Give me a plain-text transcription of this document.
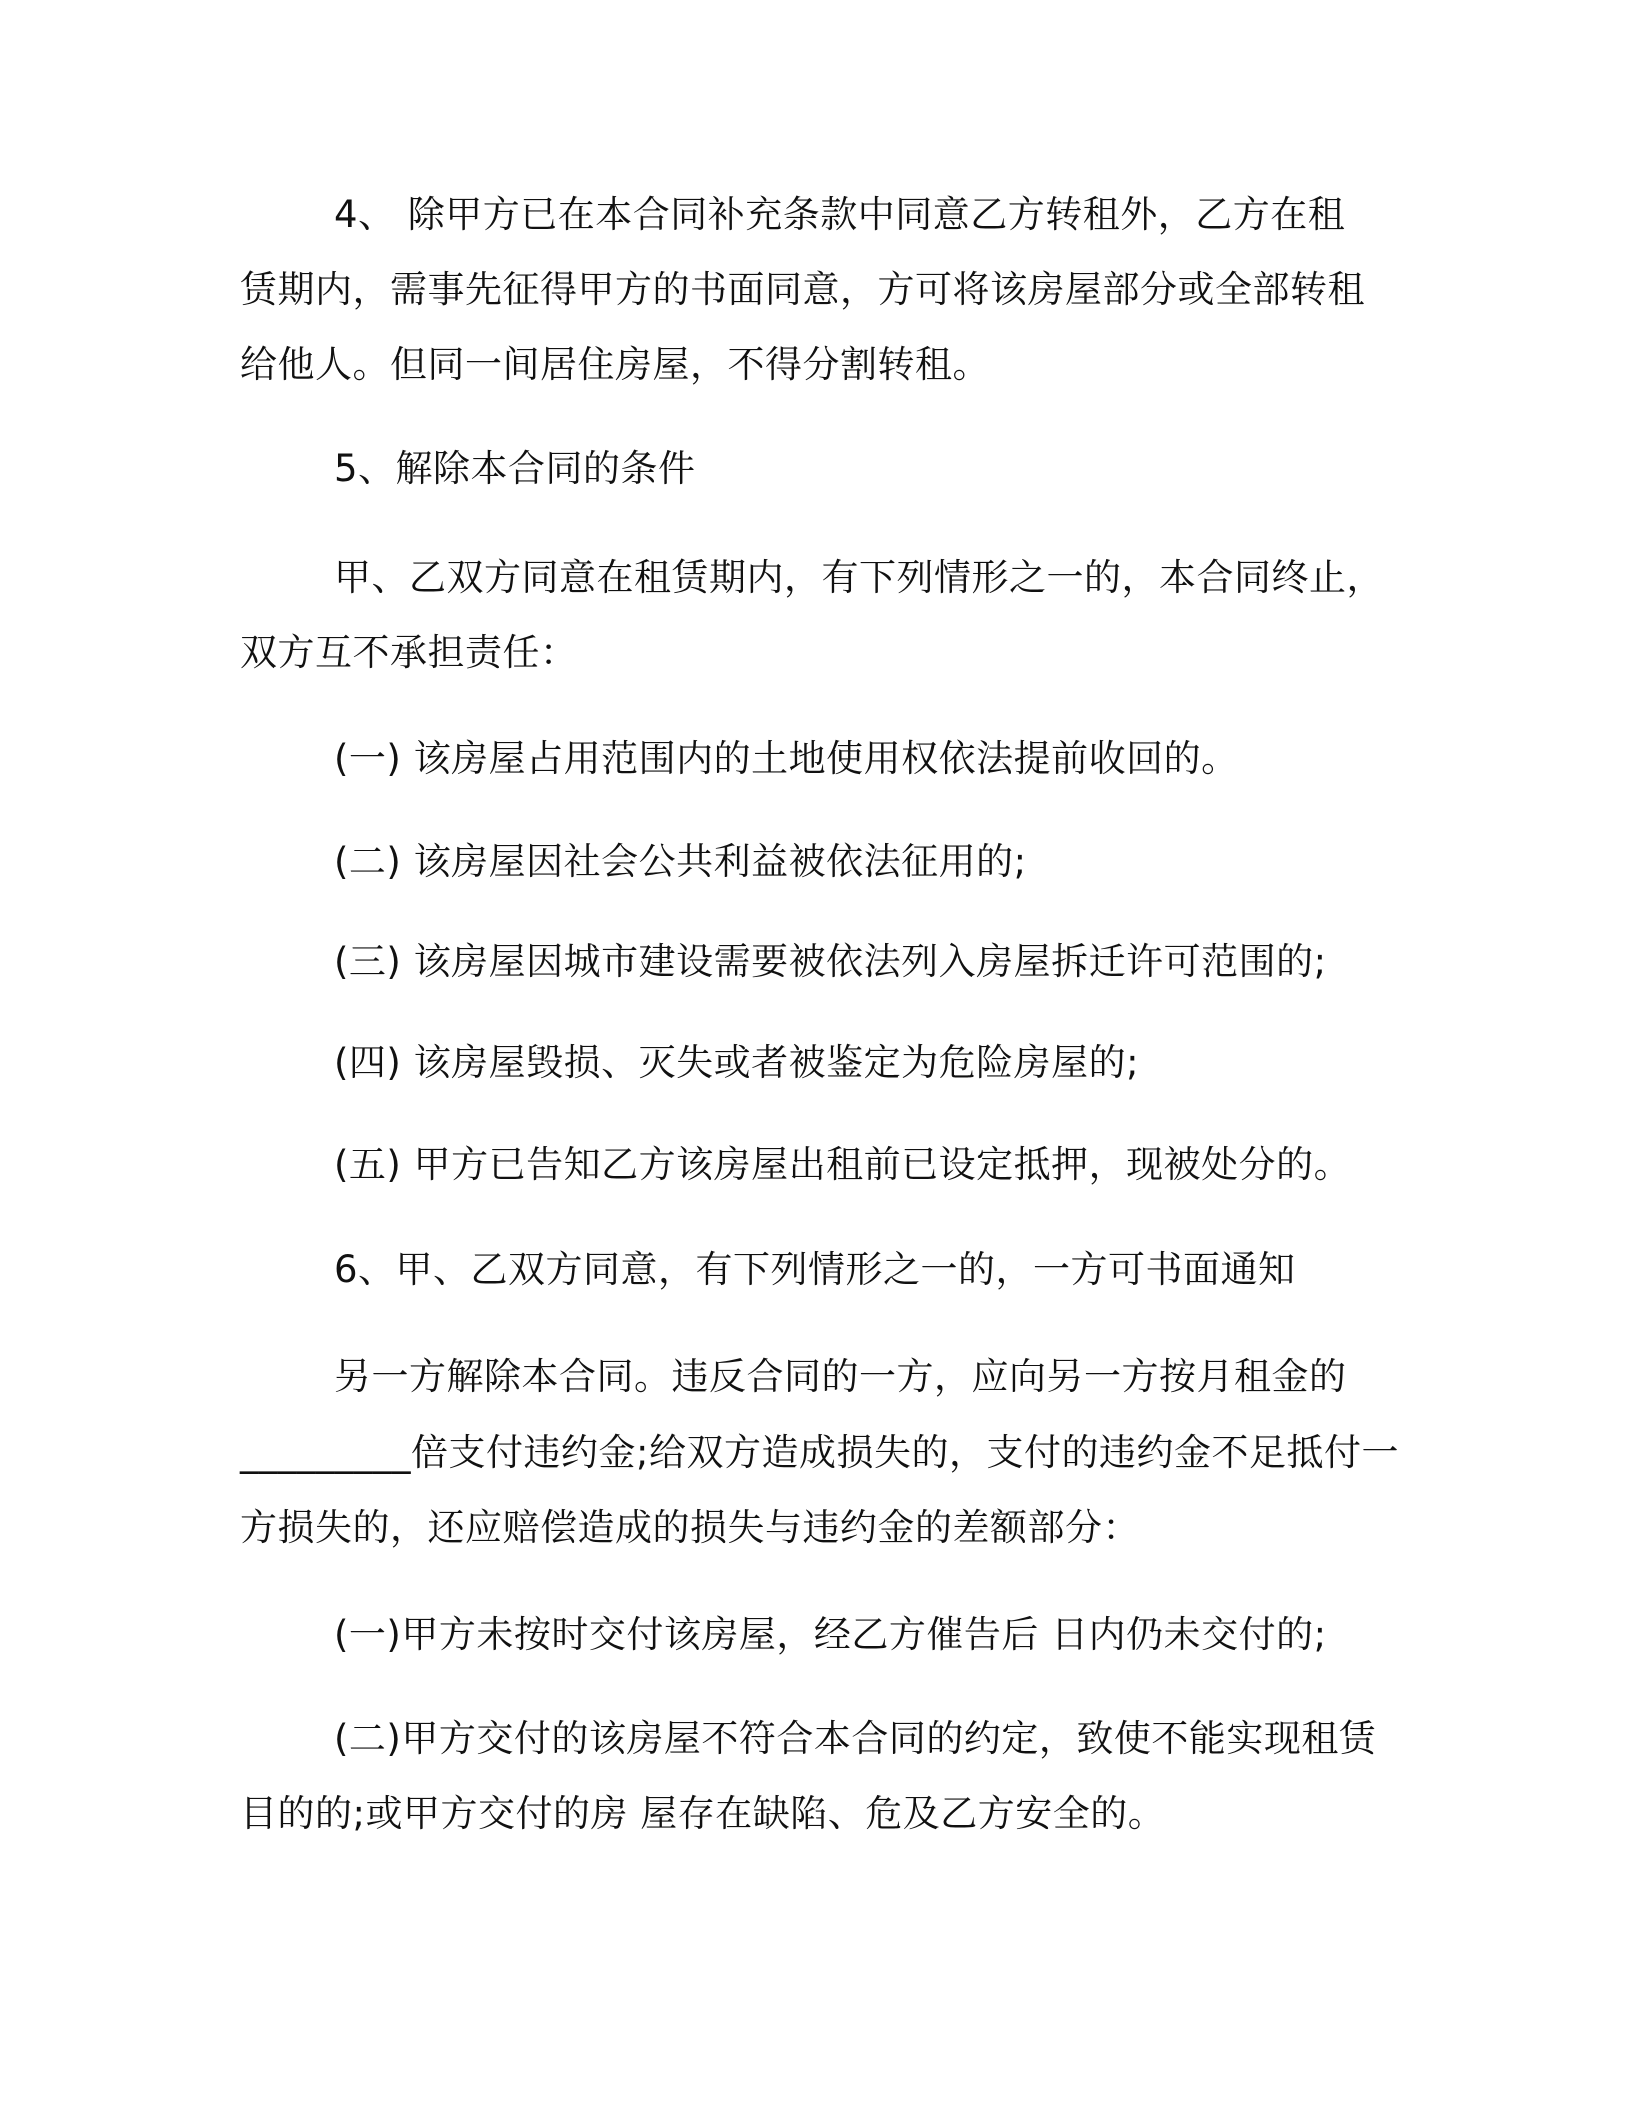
4、 除甲方已在本合同补充条款中同意乙方转租外，乙方在租
赁期内，需事先征得甲方的书面同意，方可将该房屋部分或全部转租
给他人。但同一间居住房屋，不得分割转租。
5、解除本合同的条件
甲、乙双方同意在租赁期内，有下列情形之一的，本合同终止，
双方互不承担责任：
(一) 该房屋占用范围内的土地使用权依法提前收回的。
(二) 该房屋因社会公共利益被依法征用的;
(三) 该房屋因城市建设需要被依法列入房屋拆迁许可范围的;
(四) 该房屋毁损、灭失或者被鉴定为危险房屋的;
(五) 甲方已告知乙方该房屋出租前已设定抵押，现被处分的。
6、甲、乙双方同意，有下列情形之一的，一方可书面通知
另一方解除本合同。违反合同的一方，应向另一方按月租金的
_________倍支付违约金;给双方造成损失的，支付的违约金不足抵付一
方损失的，还应赔偿造成的损失与违约金的差额部分：
(一)甲方未按时交付该房屋，经乙方催告后 日内仍未交付的;
(二)甲方交付的该房屋不符合本合同的约定，致使不能实现租赁
目的的;或甲方交付的房 屋存在缺陷、危及乙方安全的。
